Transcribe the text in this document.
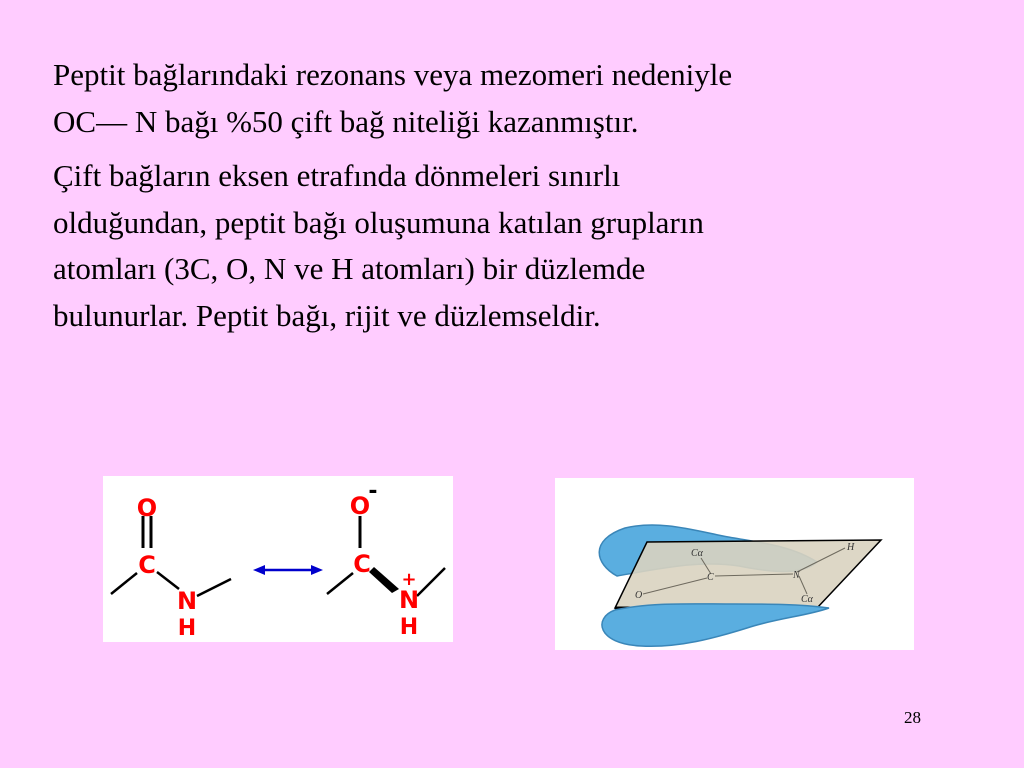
Peptit bağlarındaki rezonans veya mezomeri nedeniyle
OC— N bağı %50 çift bağ niteliği kazanmıştır.

Çift bağların eksen etrafında dönmeleri sınırlı
olduğundan, peptit bağı oluşumuna katılan grupların
atomları (3C, O, N ve H atomları) bir düzlemde
bulunurlar. Peptit bağı, rijit ve düzlemseldir.

O
C
N
H
O
-
C
+
N
H
Cα
C	N
H
O	Cα
28
